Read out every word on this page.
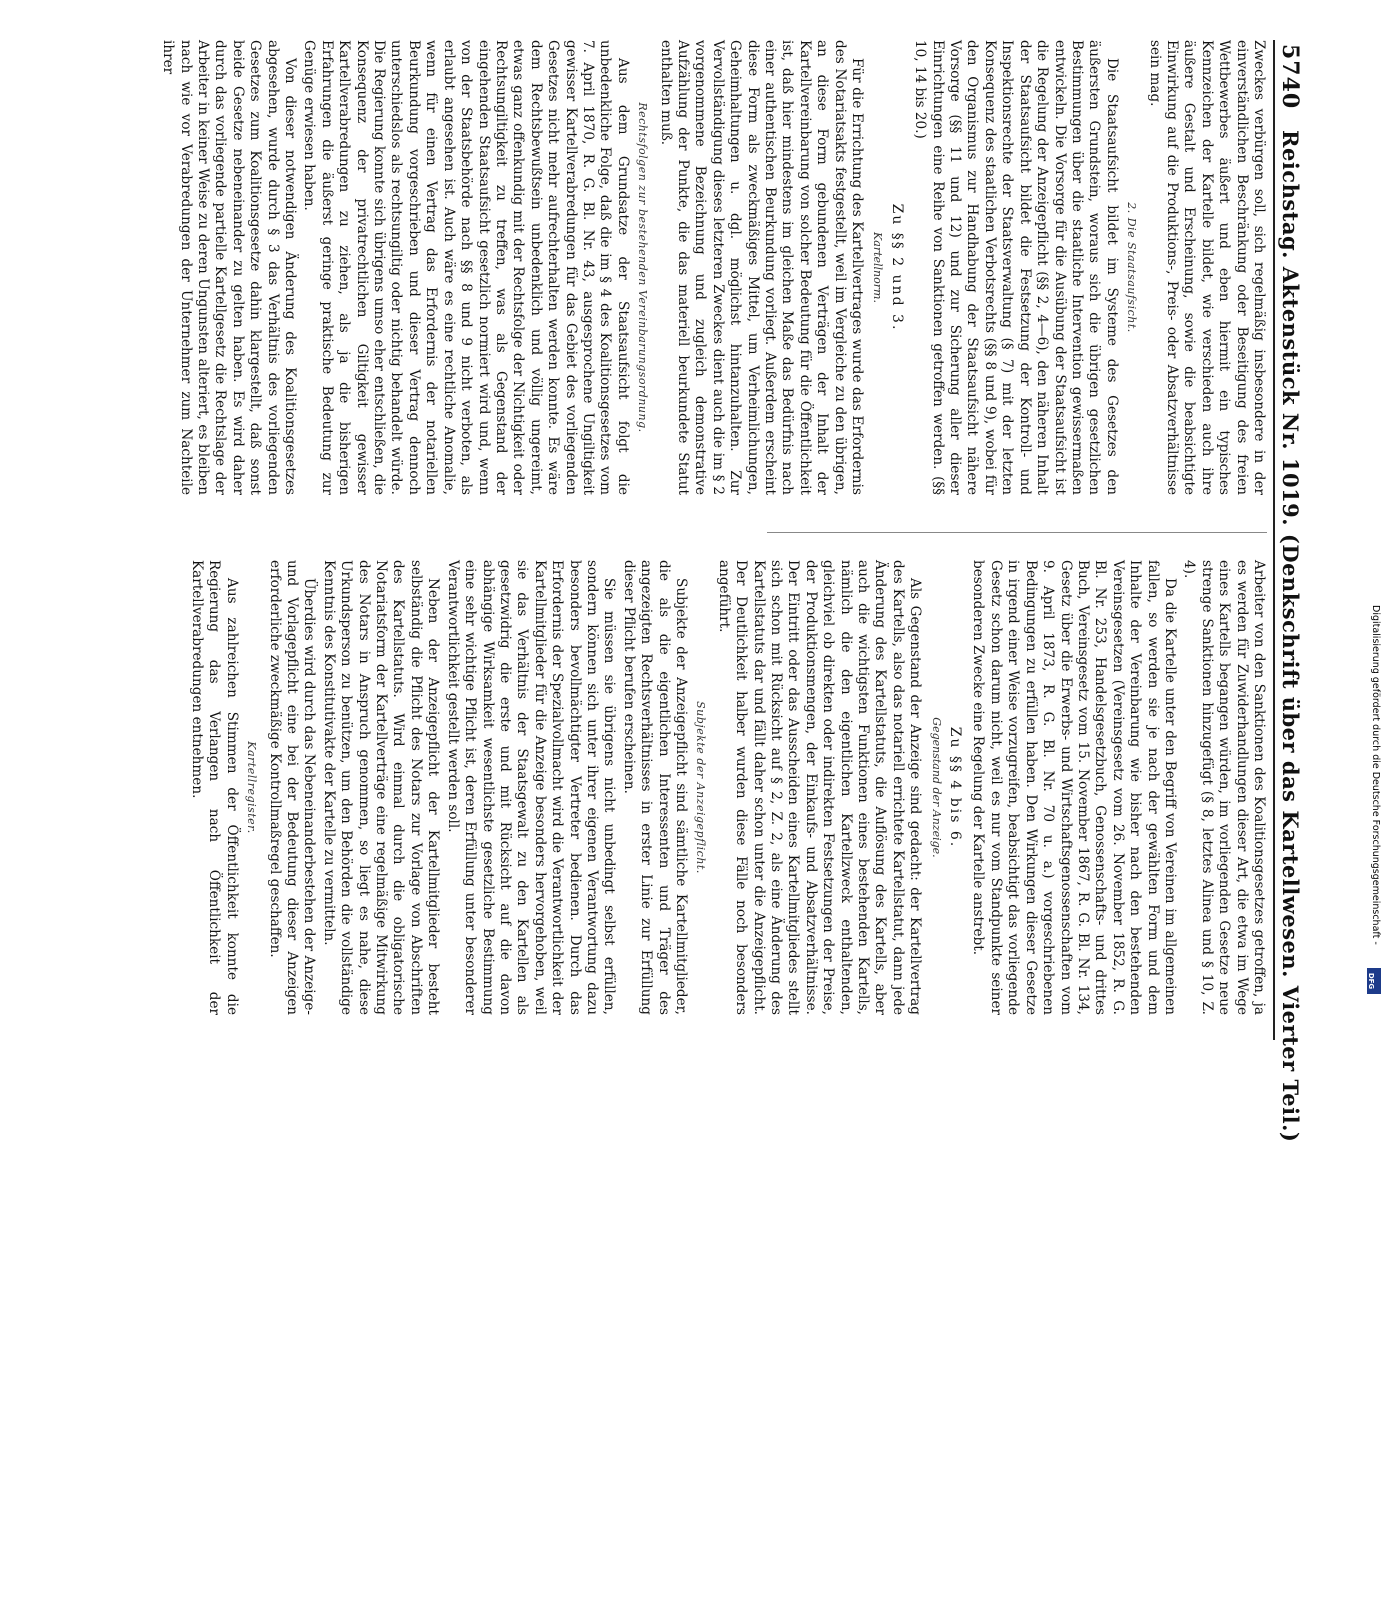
5740
Reichstag. Aktenstück Nr. 1019. (Denkschrift über das Kartellwesen. Vierter Teil.)

Zweckes verbürgen soll, sich regelmäßig insbesondere in der einverständlichen Beschränkung oder Beseitigung des freien Wettbewerbes äußert und eben hiermit ein typisches Kennzeichen der Kartelle bildet, wie verschieden auch ihre äußere Gestalt und Erscheinung, sowie die beabsichtigte Einwirkung auf die Produktions-, Preis- oder Absatzverhältnisse sein mag.

2. Die Staatsaufsicht.

Die Staatsaufsicht bildet im Systeme des Gesetzes den äußersten Grundstein, woraus sich die übrigen gesetzlichen Bestimmungen über die staatliche Intervention gewissermaßen entwickeln. Die Vorsorge für die Ausübung der Staatsaufsicht ist die Regelung der Anzeigepflicht (§§ 2, 4—6), den näheren Inhalt der Staatsaufsicht bildet die Festsetzung der Kontroll- und Inspektionsrechte der Staatsverwaltung (§ 7) mit der letzten Konsequenz des staatlichen Verbotsrechts (§§ 8 und 9), wobei für den Organismus zur Handhabung der Staatsaufsicht nähere Vorsorge (§§ 11 und 12) und zur Sicherung aller dieser Einrichtungen eine Reihe von Sanktionen getroffen werden. (§§ 10, 14 bis 20.)

Zu §§ 2 und 3.
Kartellnorm.

Für die Errichtung des Kartellvertrages wurde das Erfordernis des Notariatsakts festgestellt, weil im Vergleiche zu den übrigen, an diese Form gebundenen Verträgen der Inhalt der Kartellvereinbarung von solcher Bedeutung für die Öffentlichkeit ist, daß hier mindestens im gleichen Maße das Bedürfnis nach einer authentischen Beurkundung vorliegt. Außerdem erscheint diese Form als zweckmäßiges Mittel, um Verheimlichungen, Geheimhaltungen u. dgl. möglichst hintanzuhalten. Zur Vervollständigung dieses letzteren Zweckes dient auch die im § 2 vorgenommene Bezeichnung und zugleich demonstrative Aufzählung der Punkte, die das materiell beurkundete Statut enthalten muß.

Rechtsfolgen zur bestehenden Vereinbarungsordnung.

Aus dem Grundsatze der Staatsaufsicht folgt die unbedenkliche Folge, daß die im § 4 des Koalitionsgesetzes vom 7. April 1870, R. G. Bl. Nr. 43, ausgesprochene Ungiltigkeit gewisser Kartellverabredungen für das Gebiet des vorliegenden Gesetzes nicht mehr aufrechterhalten werden konnte. Es wäre dem Rechtsbewußtsein unbedenklich und völlig ungereimt, etwas ganz offenkundig mit der Rechtsfolge der Nichtigkeit oder Rechtsungiltigkeit zu treffen, was als Gegenstand der eingehenden Staatsaufsicht gesetzlich normiert wird und, wenn von der Staatsbehörde nach §§ 8 und 9 nicht verboten, als erlaubt angesehen ist. Auch wäre es eine rechtliche Anomalie, wenn für einen Vertrag das Erfordernis der notariellen Beurkundung vorgeschrieben und dieser Vertrag dennoch unterschiedslos als rechtsungiltig oder nichtig behandelt würde. Die Regierung konnte sich übrigens umso eher entschließen, die Konsequenz der privatrechtlichen Giltigkeit gewisser Kartellverabredungen zu ziehen, als ja die bisherigen Erfahrungen die äußerst geringe praktische Bedeutung zur Genüge erwiesen haben.

Von dieser notwendigen Änderung des Koalitionsgesetzes abgesehen, wurde durch § 3 das Verhältnis des vorliegenden Gesetzes zum Koalitionsgesetze dahin klargestellt, daß sonst beide Gesetze nebeneinander zu gelten haben. Es wird daher durch das vorliegende partielle Kartellgesetz die Rechtslage der Arbeiter in keiner Weise zu deren Ungunsten alteriert, es bleiben nach wie vor Verabredungen der Unternehmer zum Nachteile ihrer

Arbeiter von den Sanktionen des Koalitionsgesetzes getroffen, ja es werden für Zuwiderhandlungen dieser Art, die etwa im Wege eines Kartells begangen würden, im vorliegenden Gesetze neue strenge Sanktionen hinzugefügt (§ 8, letztes Alinea und § 10, Z. 4).

Da die Kartelle unter den Begriff von Vereinen im allgemeinen fallen, so werden sie je nach der gewählten Form und dem Inhalte der Vereinbarung wie bisher nach den bestehenden Vereinsgesetzen (Vereinsgesetz vom 26. November 1852, R. G. Bl. Nr. 253, Handelsgesetzbuch, Genossenschafts- und drittes Buch, Vereinsgesetz vom 15. November 1867, R. G. Bl. Nr. 134, Gesetz über die Erwerbs- und Wirtschaftsgenossenschaften vom 9. April 1873, R. G. Bl. Nr. 70 u. a.) vorgeschriebenen Bedingungen zu erfüllen haben. Den Wirkungen dieser Gesetze in irgend einer Weise vorzugreifen, beabsichtigt das vorliegende Gesetz schon darum nicht, weil es nur vom Standpunkte seiner besonderen Zwecke eine Regelung der Kartelle anstrebt.

Zu §§ 4 bis 6.
Gegenstand der Anzeige.

Als Gegenstand der Anzeige sind gedacht: der Kartellvertrag des Kartells, also das notariell errichtete Kartellstatut, dann jede Änderung des Kartellstatuts, die Auflösung des Kartells, aber auch die wichtigsten Funktionen eines bestehenden Kartells, nämlich die den eigentlichen Kartellzweck enthaltenden, gleichviel ob direkten oder indirekten Festsetzungen der Preise, der Produktionsmengen, der Einkaufs- und Absatzverhältnisse. Der Eintritt oder das Ausscheiden eines Kartellmitgliedes stellt sich schon mit Rücksicht auf § 2, Z. 2, als eine Änderung des Kartellstatuts dar und fällt daher schon unter die Anzeigepflicht. Der Deutlichkeit halber wurden diese Fälle noch besonders angeführt.

Subjekte der Anzeigepflicht.

Subjekte der Anzeigepflicht sind sämtliche Kartellmitglieder, die als die eigentlichen Interessenten und Träger des angezeigten Rechtsverhältnisses in erster Linie zur Erfüllung dieser Pflicht berufen erscheinen.

Sie müssen sie übrigens nicht unbedingt selbst erfüllen, sondern können sich unter ihrer eigenen Verantwortung dazu besonders bevollmächtigter Vertreter bedienen. Durch das Erfordernis der Spezialvollmacht wird die Verantwortlichkeit der Kartellmitglieder für die Anzeige besonders hervorgehoben, weil sie das Verhältnis der Staatsgewalt zu den Kartellen als gesetzwidrig die erste und mit Rücksicht auf die davon abhängige Wirksamkeit wesentlichste gesetzliche Bestimmung eine sehr wichtige Pflicht ist, deren Erfüllung unter besonderer Verantwortlichkeit gestellt werden soll.

Neben der Anzeigepflicht der Kartellmitglieder besteht selbständig die Pflicht des Notars zur Vorlage von Abschriften des Kartellstatuts. Wird einmal durch die obligatorische Notariatsform der Kartellverträge eine regelmäßige Mitwirkung des Notars in Anspruch genommen, so liegt es nahe, diese Urkundsperson zu benützen, um den Behörden die vollständige Kenntnis des Konstitutivakte der Kartelle zu vermitteln.

Überdies wird durch das Nebeneinanderbestehen der Anzeige- und Vorlagepflicht eine bei der Bedeutung dieser Anzeigen erforderliche zweckmäßige Kontrollmaßregel geschaffen.

Kartellregister.

Aus zahlreichen Stimmen der Öffentlichkeit konnte die Regierung das Verlangen nach Öffentlichkeit der Kartellverabredungen entnehmen.	Digitalisierung gefördert durch die Deutsche Forschungsgemeinschaft -
DFG
